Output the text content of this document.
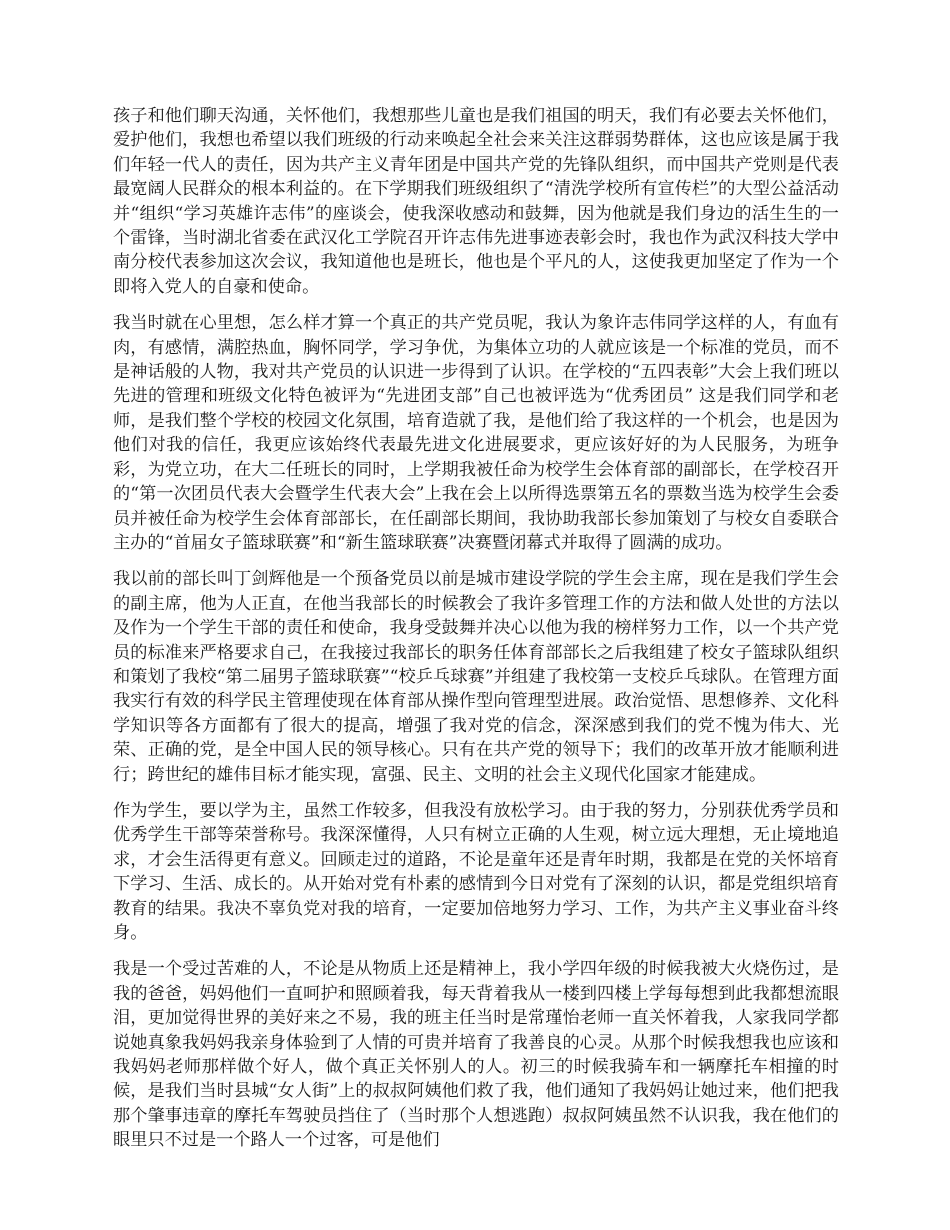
孩子和他们聊天沟通，关怀他们，我想那些儿童也是我们祖国的明天，我们有必要去关怀他们，爱护他们，我想也希望以我们班级的行动来唤起全社会来关注这群弱势群体，这也应该是属于我们年轻一代人的责任，因为共产主义青年团是中国共产党的先锋队组织，而中国共产党则是代表最宽阔人民群众的根本利益的。在下学期我们班级组织了“清洗学校所有宣传栏”的大型公益活动并“组织“学习英雄许志伟”的座谈会，使我深收感动和鼓舞，因为他就是我们身边的活生生的一个雷锋，当时湖北省委在武汉化工学院召开许志伟先进事迹表彰会时，我也作为武汉科技大学中南分校代表参加这次会议，我知道他也是班长，他也是个平凡的人，这使我更加坚定了作为一个即将入党人的自豪和使命。

我当时就在心里想，怎么样才算一个真正的共产党员呢，我认为象许志伟同学这样的人，有血有肉，有感情，满腔热血，胸怀同学，学习争优，为集体立功的人就应该是一个标准的党员，而不是神话般的人物，我对共产党员的认识进一步得到了认识。在学校的“五四表彰”大会上我们班以先进的管理和班级文化特色被评为“先进团支部”自己也被评选为“优秀团员” 这是我们同学和老师，是我们整个学校的校园文化氛围，培育造就了我，是他们给了我这样的一个机会，也是因为他们对我的信任，我更应该始终代表最先进文化进展要求，更应该好好的为人民服务，为班争彩，为党立功，在大二任班长的同时，上学期我被任命为校学生会体育部的副部长，在学校召开的“第一次团员代表大会暨学生代表大会”上我在会上以所得选票第五名的票数当选为校学生会委员并被任命为校学生会体育部部长，在任副部长期间，我协助我部长参加策划了与校女自委联合主办的“首届女子篮球联赛”和“新生篮球联赛”决赛暨闭幕式并取得了圆满的成功。

我以前的部长叫丁剑辉他是一个预备党员以前是城市建设学院的学生会主席，现在是我们学生会的副主席，他为人正直，在他当我部长的时候教会了我许多管理工作的方法和做人处世的方法以及作为一个学生干部的责任和使命，我身受鼓舞并决心以他为我的榜样努力工作，以一个共产党员的标准来严格要求自己，在我接过我部长的职务任体育部部长之后我组建了校女子篮球队组织和策划了我校“第二届男子篮球联赛”“校乒乓球赛”并组建了我校第一支校乒乓球队。在管理方面我实行有效的科学民主管理使现在体育部从操作型向管理型进展。政治觉悟、思想修养、文化科学知识等各方面都有了很大的提高，增强了我对党的信念，深深感到我们的党不愧为伟大、光荣、正确的党，是全中国人民的领导核心。只有在共产党的领导下；我们的改革开放才能顺利进行；跨世纪的雄伟目标才能实现，富强、民主、文明的社会主义现代化国家才能建成。

作为学生，要以学为主，虽然工作较多，但我没有放松学习。由于我的努力，分别获优秀学员和优秀学生干部等荣誉称号。我深深懂得，人只有树立正确的人生观，树立远大理想，无止境地追求，才会生活得更有意义。回顾走过的道路，不论是童年还是青年时期，我都是在党的关怀培育下学习、生活、成长的。从开始对党有朴素的感情到今日对党有了深刻的认识，都是党组织培育教育的结果。我决不辜负党对我的培育，一定要加倍地努力学习、工作，为共产主义事业奋斗终身。

我是一个受过苦难的人，不论是从物质上还是精神上，我小学四年级的时候我被大火烧伤过，是我的爸爸，妈妈他们一直呵护和照顾着我，每天背着我从一楼到四楼上学每每想到此我都想流眼泪，更加觉得世界的美好来之不易，我的班主任当时是常瑾怡老师一直关怀着我，人家我同学都说她真象我妈妈我亲身体验到了人情的可贵并培育了我善良的心灵。从那个时候我想我也应该和我妈妈老师那样做个好人，做个真正关怀别人的人。初三的时候我骑车和一辆摩托车相撞的时候，是我们当时县城“女人街”上的叔叔阿姨他们救了我，他们通知了我妈妈让她过来，他们把我那个肇事违章的摩托车驾驶员挡住了（当时那个人想逃跑）叔叔阿姨虽然不认识我，我在他们的眼里只不过是一个路人一个过客，可是他们
